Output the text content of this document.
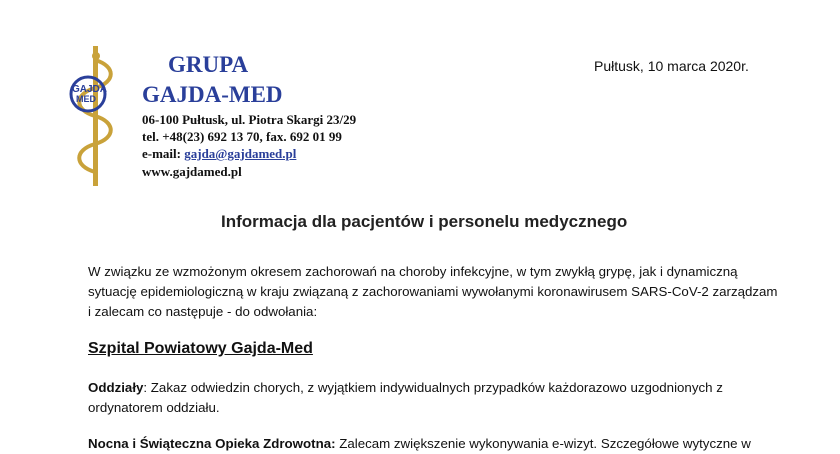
GAJDA
MED
GRUPA
GAJDA-MED
06-100 Pułtusk, ul. Piotra Skargi 23/29
tel. +48(23) 692 13 70, fax. 692 01 99
e-mail: gajda@gajdamed.pl
www.gajdamed.pl
Pułtusk, 10 marca 2020r.
Informacja dla pacjentów i personelu medycznego
W związku ze wzmożonym okresem zachorowań na choroby infekcyjne, w tym zwykłą grypę, jak i dynamiczną
sytuację epidemiologiczną w kraju związaną z zachorowaniami wywołanymi koronawirusem SARS-CoV-2 zarządzam
i zalecam co następuje - do odwołania:
Szpital Powiatowy Gajda-Med
Oddziały: Zakaz odwiedzin chorych, z wyjątkiem indywidualnych przypadków każdorazowo uzgodnionych z
ordynatorem oddziału.
Nocna i Świąteczna Opieka Zdrowotna: Zalecam zwiększenie wykonywania e-wizyt. Szczegółowe wytyczne w
